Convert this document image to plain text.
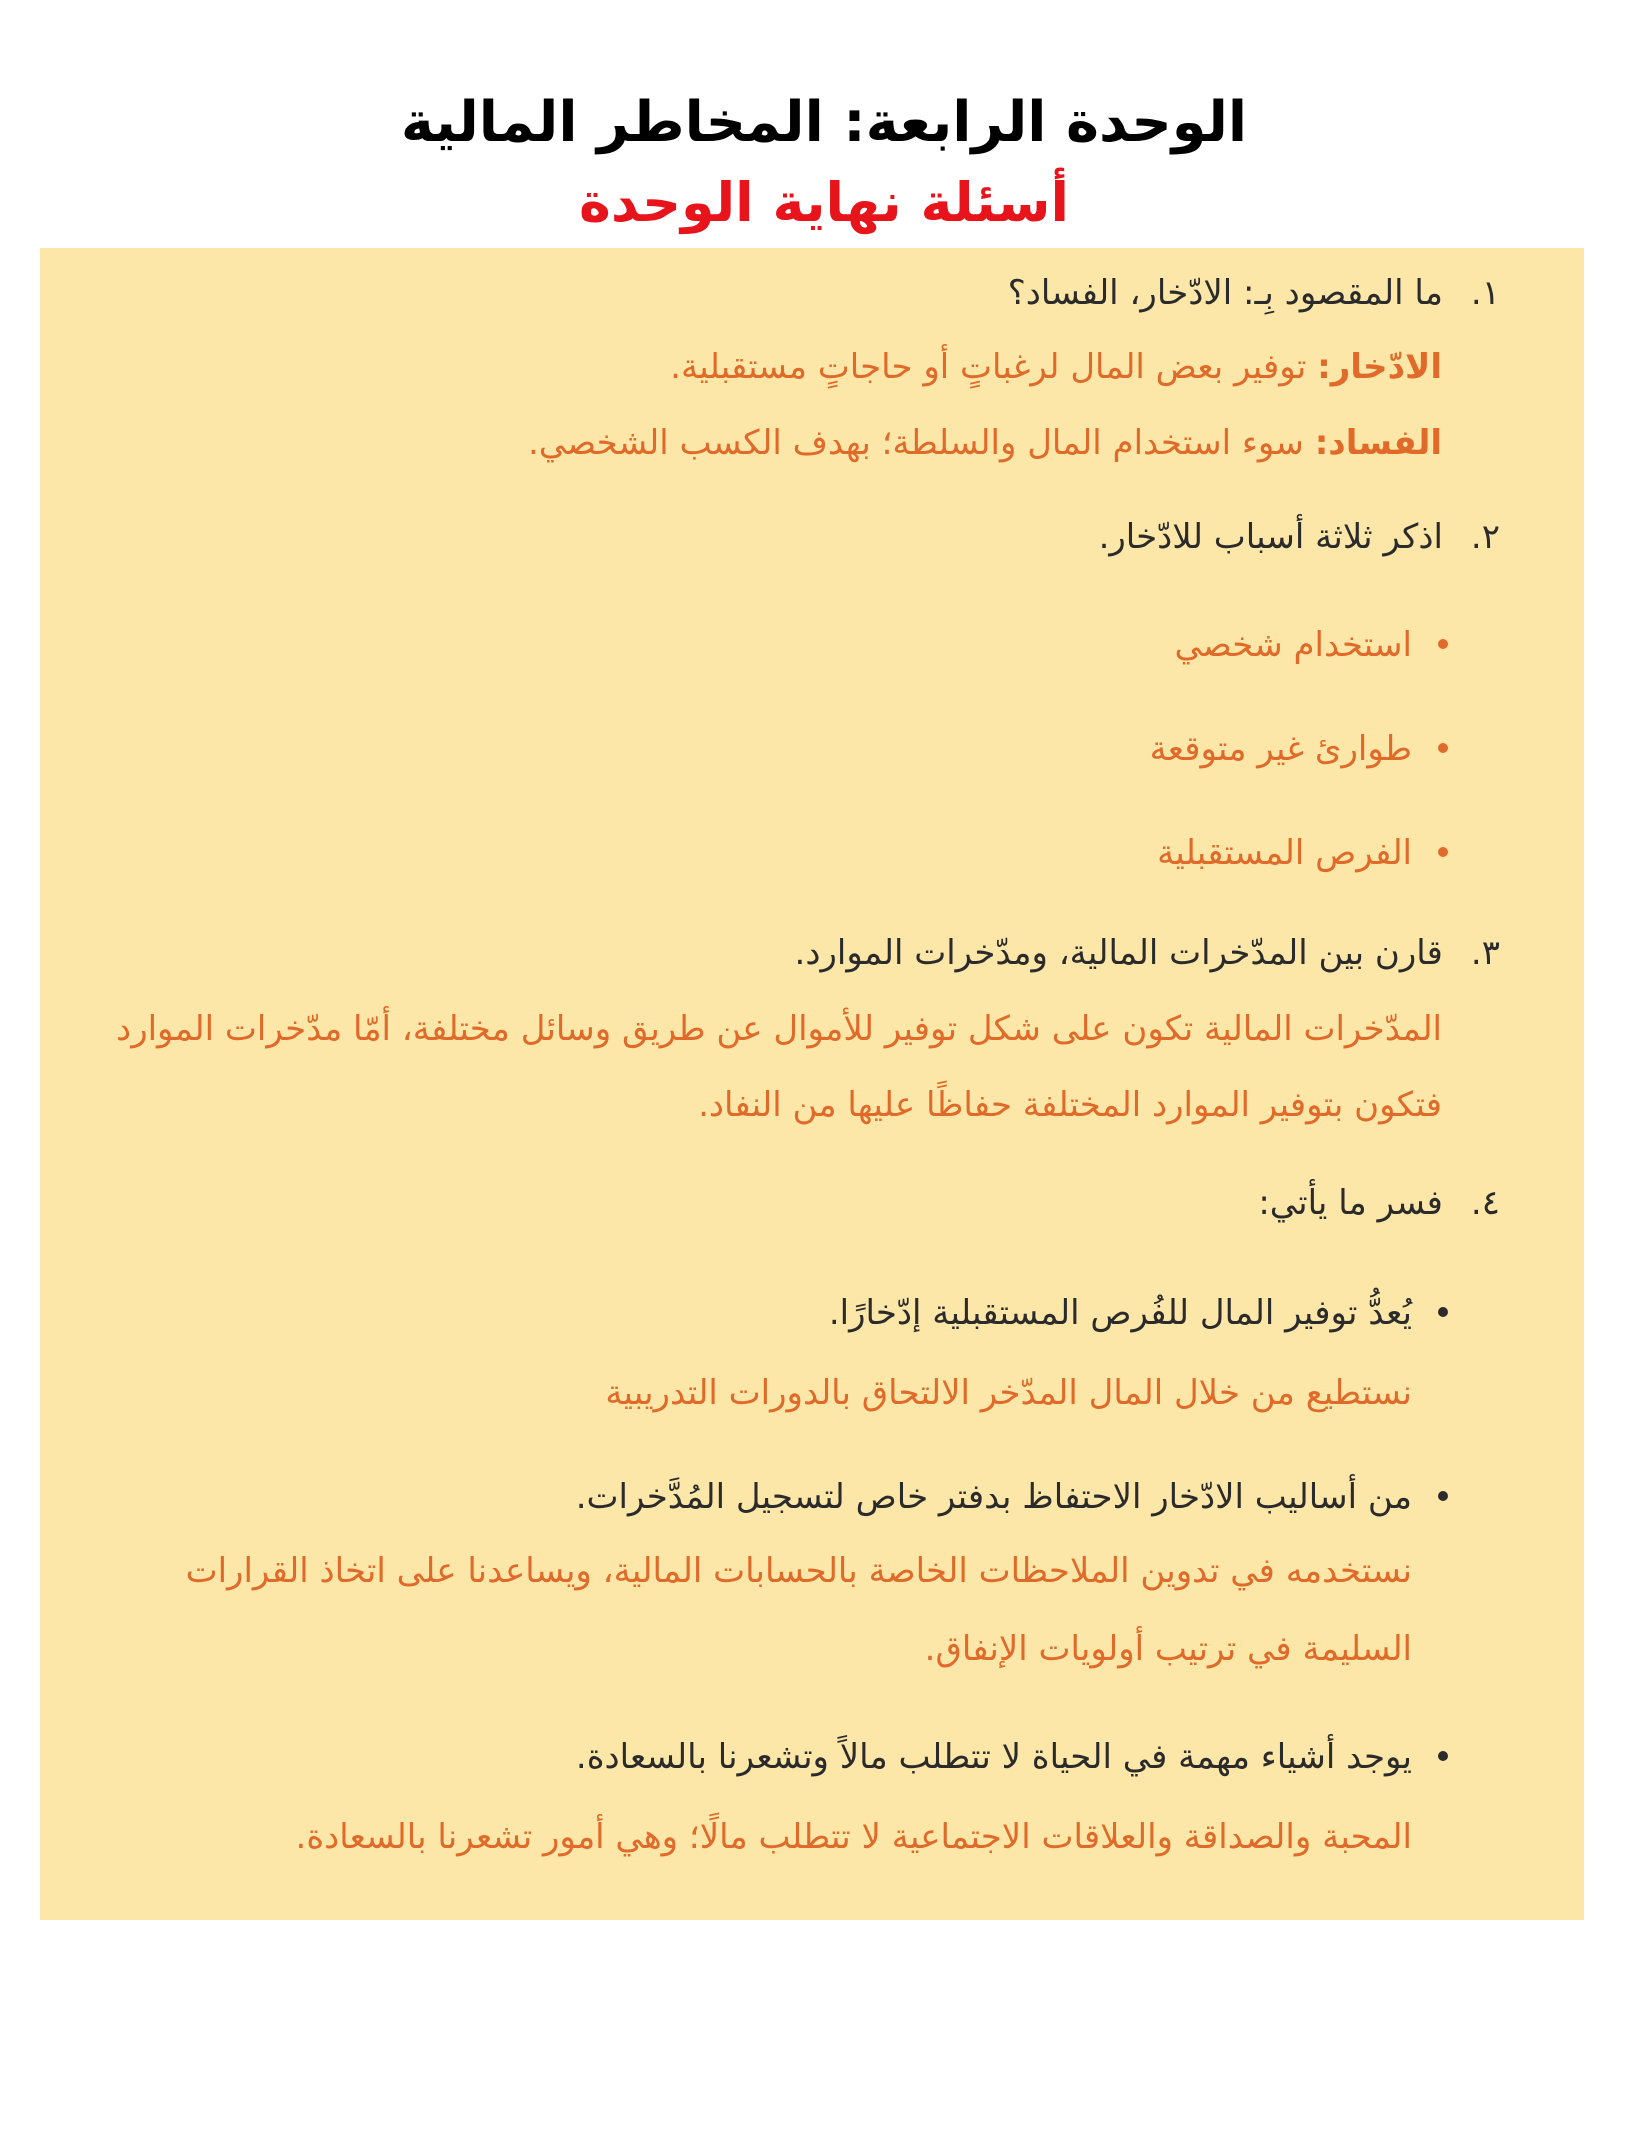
الوحدة الرابعة: المخاطر المالية
أسئلة نهاية الوحدة
١.ما المقصود بِـ: الادّخار، الفساد؟
الادّخار: توفير بعض المال لرغباتٍ أو حاجاتٍ مستقبلية.
الفساد: سوء استخدام المال والسلطة؛ بهدف الكسب الشخصي.
٢.اذكر ثلاثة أسباب للادّخار.
استخدام شخصي
طوارئ غير متوقعة
الفرص المستقبلية
٣.قارن بين المدّخرات المالية، ومدّخرات الموارد.
المدّخرات المالية تكون على شكل توفير للأموال عن طريق وسائل مختلفة، أمّا مدّخرات الموارد
فتكون بتوفير الموارد المختلفة حفاظًا عليها من النفاد.
٤.فسر ما يأتي:
يُعدُّ توفير المال للفُرص المستقبلية إدّخارًا.
نستطيع من خلال المال المدّخر الالتحاق بالدورات التدريبية
من أساليب الادّخار الاحتفاظ بدفتر خاص لتسجيل المُدَّخرات.
نستخدمه في تدوين الملاحظات الخاصة بالحسابات المالية، ويساعدنا على اتخاذ القرارات
السليمة في ترتيب أولويات الإنفاق.
يوجد أشياء مهمة في الحياة لا تتطلب مالاً وتشعرنا بالسعادة.
المحبة والصداقة والعلاقات الاجتماعية لا تتطلب مالًا؛ وهي أمور تشعرنا بالسعادة.
